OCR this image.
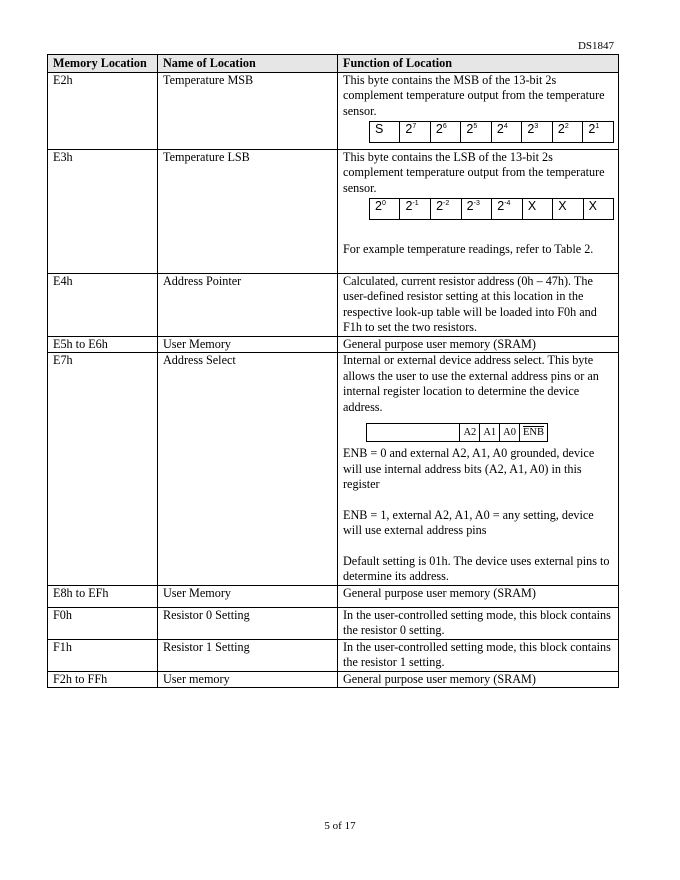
DS1847
Memory Location	Name of Location	Function of Location
E2h	Temperature MSB	This byte contains the MSB of the 13-bit 2s complement temperature output from the temperature sensor.
S	$2^7$	$2^6$	$2^5$	$2^4$	$2^3$	$2^2$	$2^1$

E3h	Temperature LSB	This byte contains the LSB of the 13-bit 2s complement temperature output from the temperature sensor.
$2^0$	$2^{-1}$	$2^{-2}$	$2^{-3}$	$2^{-4}$	X	X	X
For example temperature readings, refer to Table 2.

E4h	Address Pointer	Calculated, current resistor address (0h – 47h). The user-defined resistor setting at this location in the respective look-up table will be loaded into F0h and F1h to set the two resistors.
E5h to E6h	User Memory	General purpose user memory (SRAM)
E7h	Address Select	Internal or external device address select. This byte allows the user to use the external address pins or an internal register location to determine the device address.
A2 A1 A0 $\overline{ENB}$
ENB = 0 and external A2, A1, A0 grounded, device will use internal address bits (A2, A1, A0) in this register
ENB = 1, external A2, A1, A0 = any setting, device will use external address pins
Default setting is 01h. The device uses external pins to determine its address.

E8h to EFh	User Memory	General purpose user memory (SRAM)
F0h	Resistor 0 Setting	In the user-controlled setting mode, this block contains the resistor 0 setting.
F1h	Resistor 1 Setting	In the user-controlled setting mode, this block contains the resistor 1 setting.
F2h to FFh	User memory	General purpose user memory (SRAM)
5 of 17
